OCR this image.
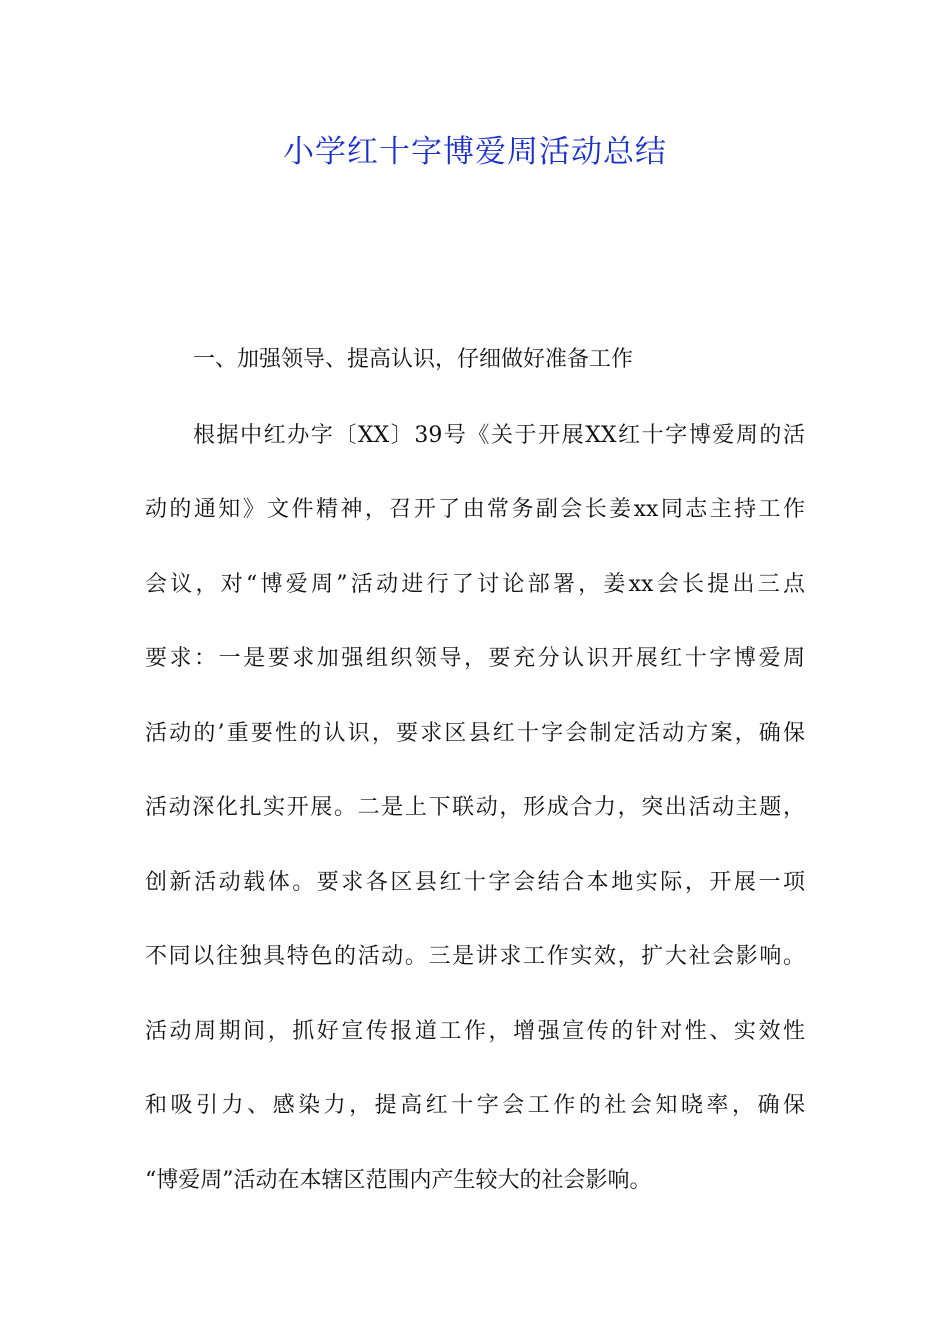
小学红十字博爱周活动总结
一、加强领导、提高认识，仔细做好准备工作

根据中红办字〔XX〕39号《关于开展XX红十字博爱周的活

动的通知》文件精神，召开了由常务副会长姜xx同志主持工作

会议，对“博爱周”活动进行了讨论部署，姜xx会长提出三点

要求：一是要求加强组织领导，要充分认识开展红十字博爱周

活动的’重要性的认识，要求区县红十字会制定活动方案，确保

活动深化扎实开展。二是上下联动，形成合力，突出活动主题，

创新活动载体。要求各区县红十字会结合本地实际，开展一项

不同以往独具特色的活动。三是讲求工作实效，扩大社会影响。

活动周期间，抓好宣传报道工作，增强宣传的针对性、实效性

和吸引力、感染力，提高红十字会工作的社会知晓率，确保

“博爱周”活动在本辖区范围内产生较大的社会影响。
